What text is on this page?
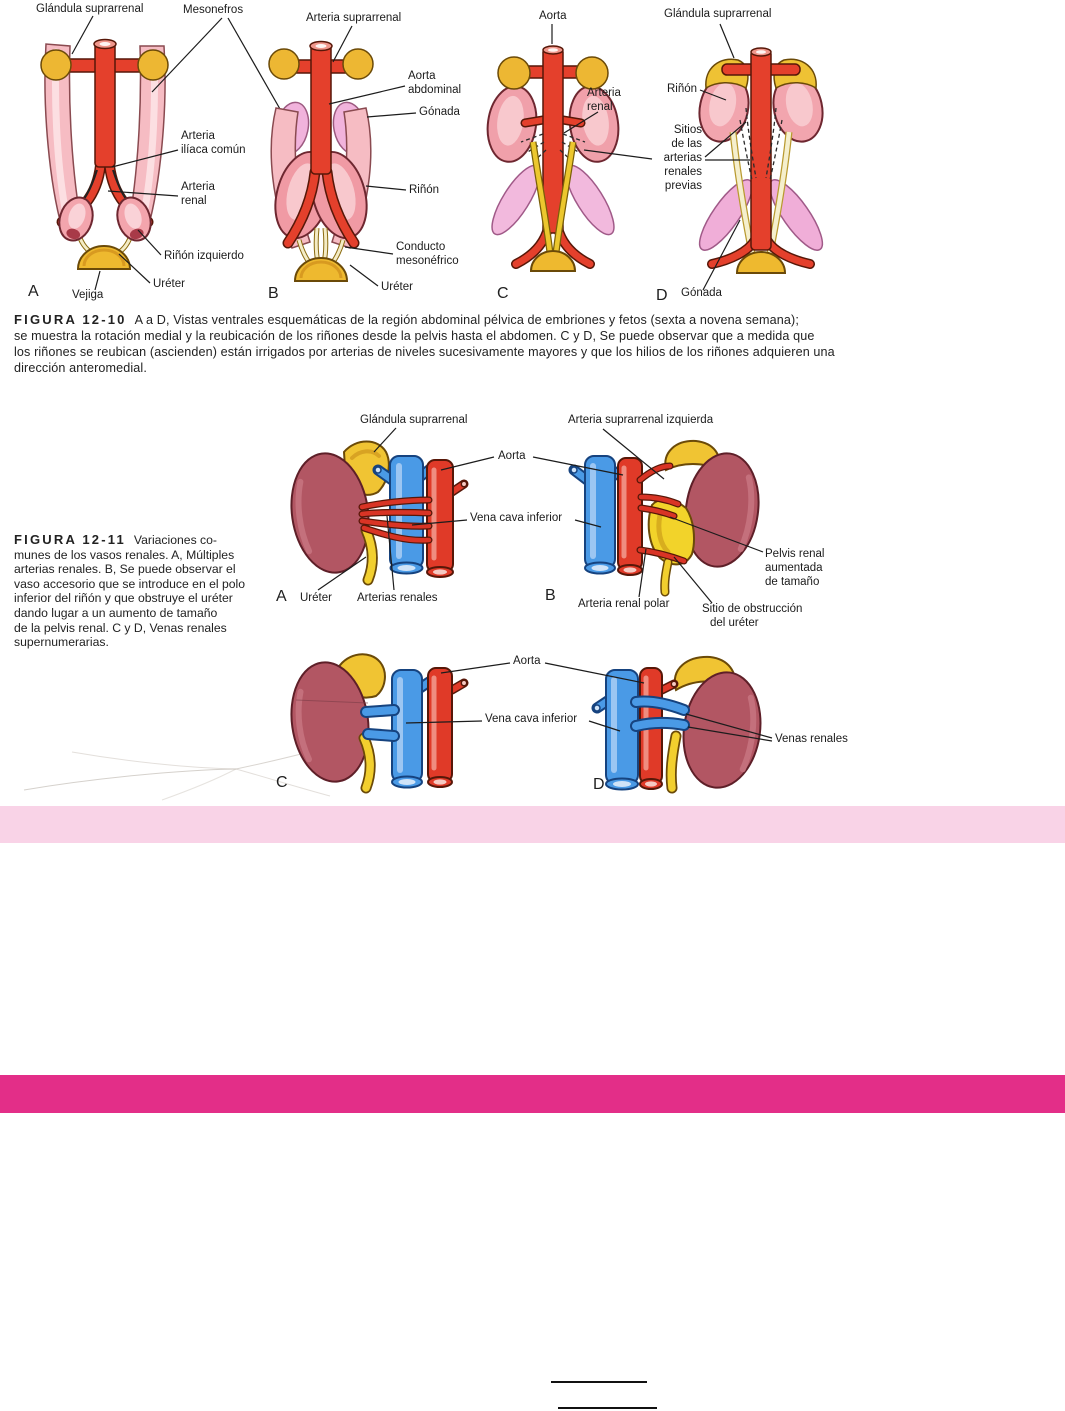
Glándula suprarrenal	Mesonefros
Arteria
ilíaca común
Arteria
renal
Riñón izquierdo
Uréter
Vejiga
A
Arteria suprarrenal
Aorta
abdominal
Gónada
Riñón
Conducto
mesonéfrico
Uréter
B
Aorta
Arteria
renal
C
Glándula suprarrenal
Riñón
Sitios
de las
arterias
renales
previas
Gónada
D
Glándula suprarrenal	Arteria suprarrenal izquierda
Aorta
Vena cava inferior
A Uréter Arterias renales	B Arteria renal polar	Sitio de obstrucción
del uréter
Pelvis renal
aumentada
de tamaño
Aorta
Vena cava inferior
Venas renales
C	D
FIGURA 12-10 A a D, Vistas ventrales esquemáticas de la región abdominal pélvica de embriones y fetos (sexta a novena semana);
se muestra la rotación medial y la reubicación de los riñones desde la pelvis hasta el abdomen. C y D, Se puede observar que a medida que
los riñones se reubican (ascienden) están irrigados por arterias de niveles sucesivamente mayores y que los hilios de los riñones adquieren una
dirección anteromedial.
FIGURA 12-11 Variaciones co-
munes de los vasos renales. A, Múltiples
arterias renales. B, Se puede observar el
vaso accesorio que se introduce en el polo
inferior del riñón y que obstruye el uréter
dando lugar a un aumento de tamaño
de la pelvis renal. C y D, Venas renales
supernumerarias.
